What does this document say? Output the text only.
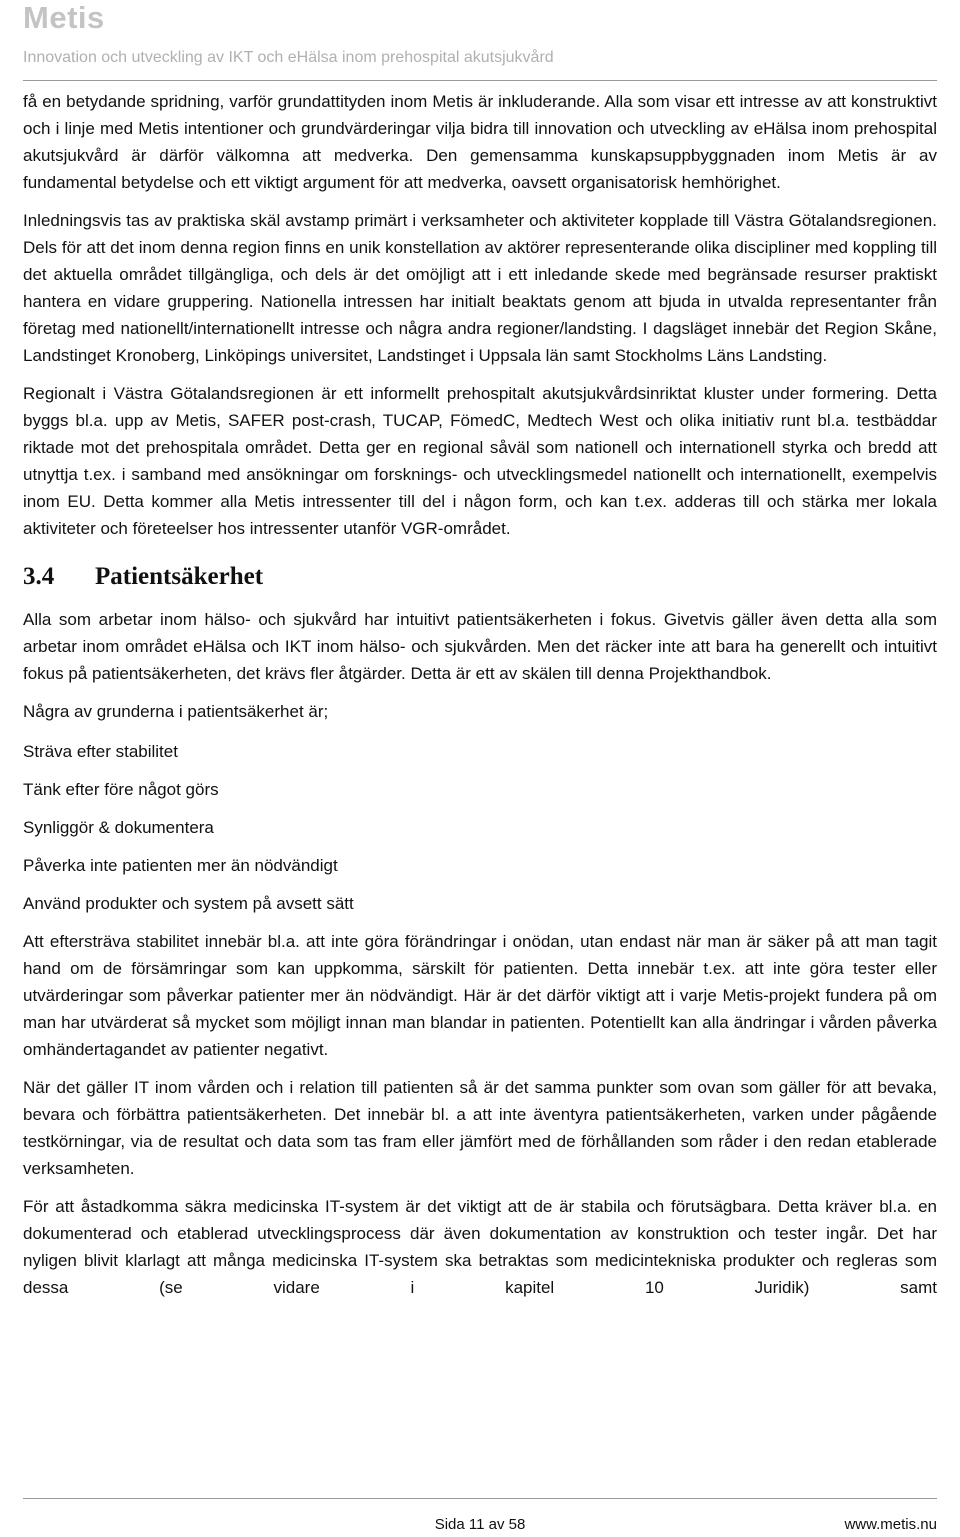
Metis
Innovation och utveckling av IKT och eHälsa inom prehospital akutsjukvård

få en betydande spridning, varför grundattityden inom Metis är inkluderande. Alla som visar ett intresse av att konstruktivt och i linje med Metis intentioner och grundvärderingar vilja bidra till innovation och utveckling av eHälsa inom prehospital akutsjukvård är därför välkomna att medverka. Den gemensamma kunskapsuppbyggnaden inom Metis är av fundamental betydelse och ett viktigt argument för att medverka, oavsett organisatorisk hemhörighet.

Inledningsvis tas av praktiska skäl avstamp primärt i verksamheter och aktiviteter kopplade till Västra Götalandsregionen. Dels för att det inom denna region finns en unik konstellation av aktörer representerande olika discipliner med koppling till det aktuella området tillgängliga, och dels är det omöjligt att i ett inledande skede med begränsade resurser praktiskt hantera en vidare gruppering. Nationella intressen har initialt beaktats genom att bjuda in utvalda representanter från företag med nationellt/internationellt intresse och några andra regioner/landsting. I dagsläget innebär det Region Skåne, Landstinget Kronoberg, Linköpings universitet, Landstinget i Uppsala län samt Stockholms Läns Landsting.

Regionalt i Västra Götalandsregionen är ett informellt prehospitalt akutsjukvårdsinriktat kluster under formering. Detta byggs bl.a. upp av Metis, SAFER post-crash, TUCAP, FömedC, Medtech West och olika initiativ runt bl.a. testbäddar riktade mot det prehospitala området. Detta ger en regional såväl som nationell och internationell styrka och bredd att utnyttja t.ex. i samband med ansökningar om forsknings- och utvecklingsmedel nationellt och internationellt, exempelvis inom EU. Detta kommer alla Metis intressenter till del i någon form, och kan t.ex. adderas till och stärka mer lokala aktiviteter och företeelser hos intressenter utanför VGR-området.

3.4 Patientsäkerhet

Alla som arbetar inom hälso- och sjukvård har intuitivt patientsäkerheten i fokus. Givetvis gäller även detta alla som arbetar inom området eHälsa och IKT inom hälso- och sjukvården. Men det räcker inte att bara ha generellt och intuitivt fokus på patientsäkerheten, det krävs fler åtgärder. Detta är ett av skälen till denna Projekthandbok.

Några av grunderna i patientsäkerhet är;

Sträva efter stabilitet

Tänk efter före något görs

Synliggör & dokumentera

Påverka inte patienten mer än nödvändigt

Använd produkter och system på avsett sätt

Att eftersträva stabilitet innebär bl.a. att inte göra förändringar i onödan, utan endast när man är säker på att man tagit hand om de försämringar som kan uppkomma, särskilt för patienten. Detta innebär t.ex. att inte göra tester eller utvärderingar som påverkar patienter mer än nödvändigt. Här är det därför viktigt att i varje Metis-projekt fundera på om man har utvärderat så mycket som möjligt innan man blandar in patienten. Potentiellt kan alla ändringar i vården påverka omhändertagandet av patienter negativt.

När det gäller IT inom vården och i relation till patienten så är det samma punkter som ovan som gäller för att bevaka, bevara och förbättra patientsäkerheten. Det innebär bl. a att inte äventyra patientsäkerheten, varken under pågående testkörningar, via de resultat och data som tas fram eller jämfört med de förhållanden som råder i den redan etablerade verksamheten.

För att åstadkomma säkra medicinska IT-system är det viktigt att de är stabila och förutsägbara. Detta kräver bl.a. en dokumenterad och etablerad utvecklingsprocess där även dokumentation av konstruktion och tester ingår. Det har nyligen blivit klarlagt att många medicinska IT-system ska betraktas som medicintekniska produkter och regleras som dessa (se vidare i kapitel 10 Juridik) samt

Sida 11 av 58	www.metis.nu
